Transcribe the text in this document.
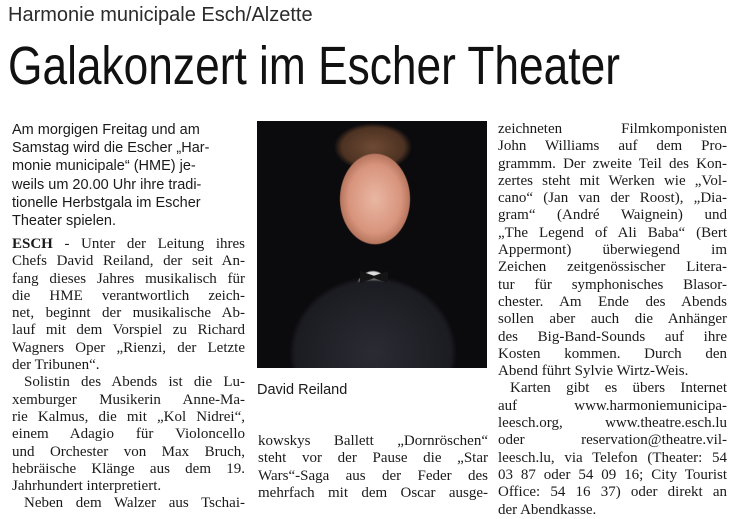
Harmonie municipale Esch/Alzette
Galakonzert im Escher Theater
Am morgigen Freitag und am
Samstag wird die Escher „Har-
monie municipale“ (HME) je-
weils um 20.00 Uhr ihre tradi-
tionelle Herbstgala im Escher
Theater spielen.
ESCH - Unter der Leitung ihres
Chefs David Reiland, der seit An-
fang dieses Jahres musikalisch für
die HME verantwortlich zeich-
net, beginnt der musikalische Ab-
lauf mit dem Vorspiel zu Richard
Wagners Oper „Rienzi, der Letzte
der Tribunen“.
Solistin des Abends ist die Lu-
xemburger Musikerin Anne-Ma-
rie Kalmus, die mit „Kol Nidrei“,
einem Adagio für Violoncello
und Orchester von Max Bruch,
hebräische Klänge aus dem 19.
Jahrhundert interpretiert.
Neben dem Walzer aus Tschai-
David Reiland
kowskys Ballett „Dornröschen“
steht vor der Pause die „Star
Wars“-Saga aus der Feder des
mehrfach mit dem Oscar ausge-
zeichneten Filmkomponisten
John Williams auf dem Pro-
grammm. Der zweite Teil des Kon-
zertes steht mit Werken wie „Vol-
cano“ (Jan van der Roost), „Dia-
gram“ (André Waignein) und
„The Legend of Ali Baba“ (Bert
Appermont) überwiegend im
Zeichen zeitgenössischer Litera-
tur für symphonisches Blasor-
chester. Am Ende des Abends
sollen aber auch die Anhänger
des Big-Band-Sounds auf ihre
Kosten kommen. Durch den
Abend führt Sylvie Wirtz-Weis.
Karten gibt es übers Internet
auf www.harmoniemunicipa-
leesch.org, www.theatre.esch.lu
oder reservation@theatre.vil-
leesch.lu, via Telefon (Theater: 54
03 87 oder 54 09 16; City Tourist
Office: 54 16 37) oder direkt an
der Abendkasse.
